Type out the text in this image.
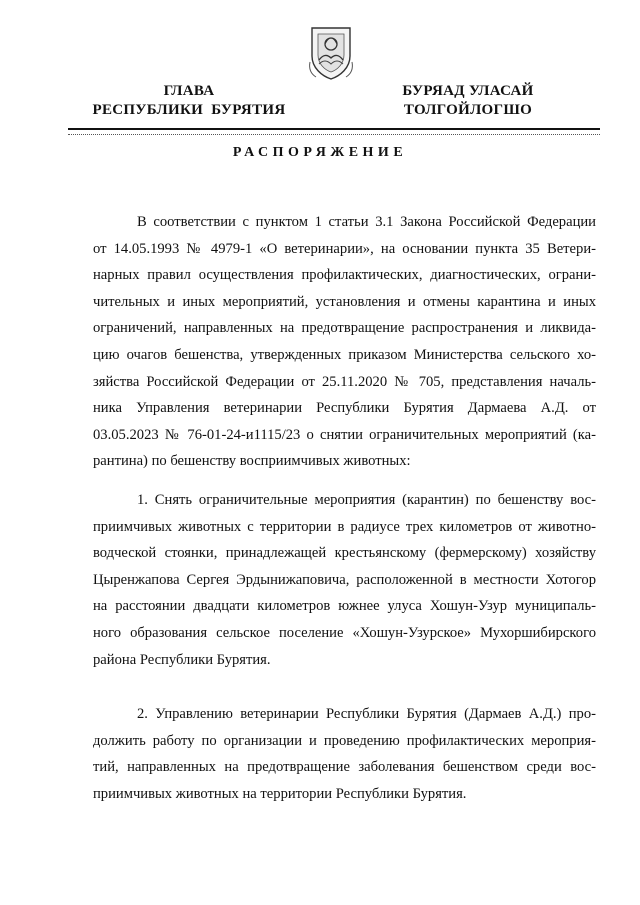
ГЛАВА
РЕСПУБЛИКИ  БУРЯТИЯ
БУРЯАД УЛАСАЙ
ТОЛГОЙЛОГШО
РАСПОРЯЖЕНИЕ
В соответствии с пунктом 1 статьи 3.1 Закона Российской Федерации
от 14.05.1993 № 4979-1 «О ветеринарии», на основании пункта 35 Ветери-
нарных правил осуществления профилактических, диагностических, ограни-
чительных и иных мероприятий, установления и отмены карантина и иных
ограничений, направленных на предотвращение распространения и ликвида-
цию очагов бешенства, утвержденных приказом Министерства сельского хо-
зяйства Российской Федерации от 25.11.2020 № 705, представления началь-
ника Управления ветеринарии Республики Бурятия Дармаева А.Д. от
03.05.2023 № 76-01-24-и1115/23 о снятии ограничительных мероприятий (ка-
рантина) по бешенству восприимчивых животных:
1. Снять ограничительные мероприятия (карантин) по бешенству вос-
приимчивых животных с территории в радиусе трех километров от животно-
водческой стоянки, принадлежащей крестьянскому (фермерскому) хозяйству
Цыренжапова Сергея Эрдынижаповича, расположенной в местности Хотогор
на расстоянии двадцати километров южнее улуса Хошун-Узур муниципаль-
ного образования сельское поселение «Хошун-Узурское» Мухоршибирского
района Республики Бурятия.
2. Управлению ветеринарии Республики Бурятия (Дармаев А.Д.) про-
должить работу по организации и проведению профилактических мероприя-
тий, направленных на предотвращение заболевания бешенством среди вос-
приимчивых животных на территории Республики Бурятия.
